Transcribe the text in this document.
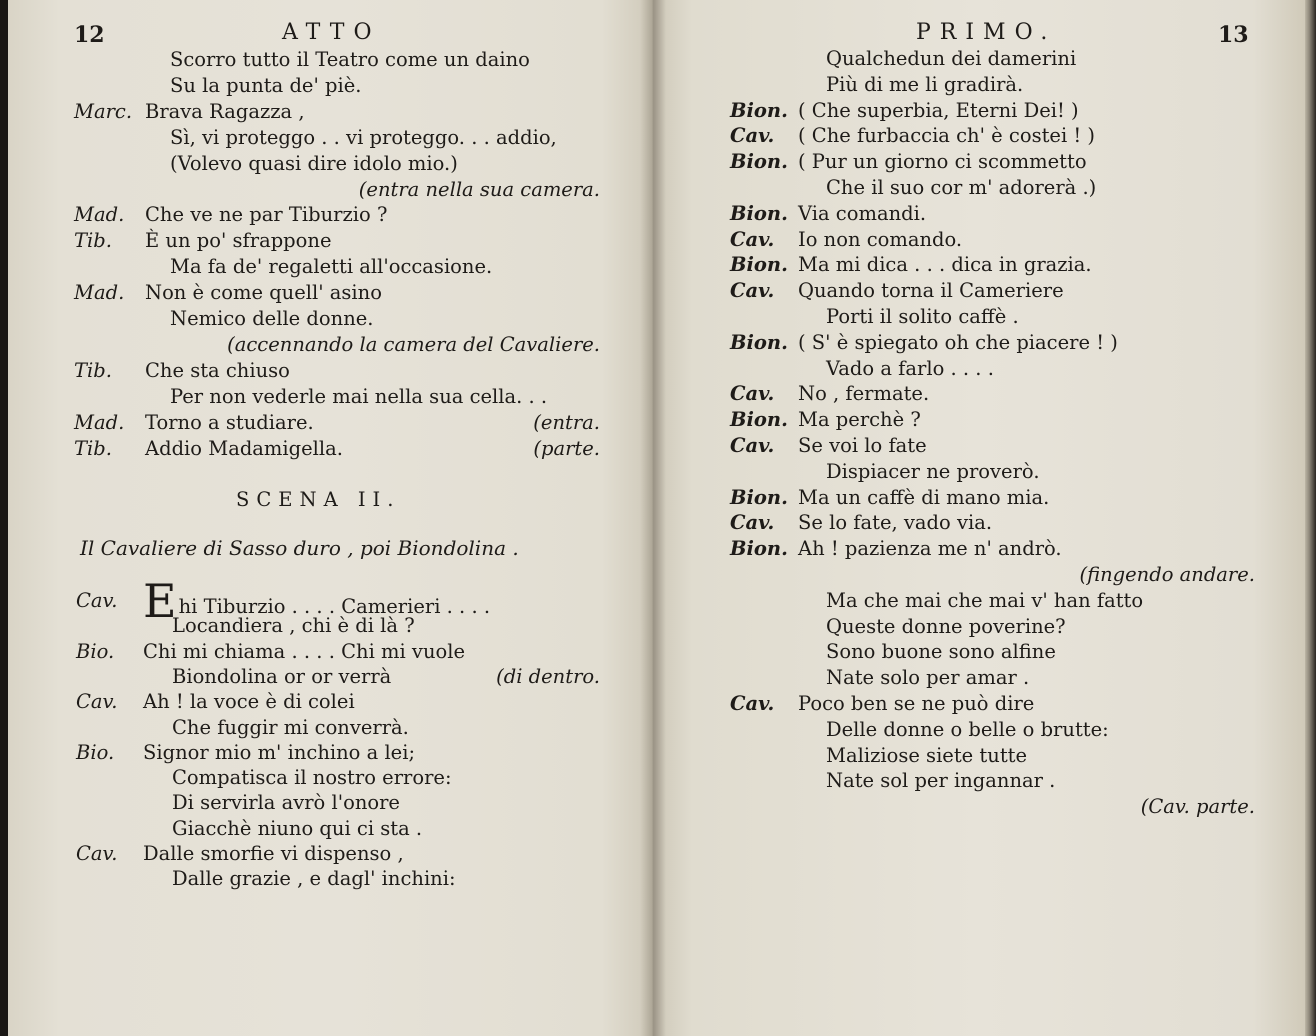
12	ATTO
Scorro tutto il Teatro come un daino
Su la punta de' piè.
Marc. Brava Ragazza ,
Sì, vi proteggo . . vi proteggo. . . addio,
(Volevo quasi dire idolo mio.)
(entra nella sua camera.
Mad. Che ve ne par Tiburzio ?
Tib. È un po' sfrappone
Ma fa de' regaletti all'occasione.
Mad. Non è come quell' asino
Nemico delle donne.
(accennando la camera del Cavaliere.
Tib. Che sta chiuso
Per non vederle mai nella sua cella. . .
Mad. Torno a studiare.	(entra.
Tib. Addio Madamigella.	(parte.
SCENA II.
Il Cavaliere di Sasso duro , poi Biondolina .
Cav. Ehi Tiburzio . . . . Camerieri . . . .
Locandiera , chi è di là ?
Bio. Chi mi chiama . . . . Chi mi vuole
Biondolina or or verrà	(di dentro.
Cav. Ah ! la voce è di colei
Che fuggir mi converrà.
Bio. Signor mio m' inchino a lei;
Compatisca il nostro errore:
Di servirla avrò l'onore
Giacchè niuno qui ci sta .
Cav. Dalle smorfie vi dispenso ,
Dalle grazie , e dagl' inchini:
PRIMO.	13
Qualchedun dei damerini
Più di me li gradirà.
Bion. ( Che superbia, Eterni Dei! )
Cav. ( Che furbaccia ch' è costei ! )
Bion. ( Pur un giorno ci scommetto
Che il suo cor m' adorerà .)
Bion. Via comandi.
Cav. Io non comando.
Bion. Ma mi dica . . . dica in grazia.
Cav. Quando torna il Cameriere
Porti il solito caffè .
Bion. ( S' è spiegato oh che piacere ! )
Vado a farlo . . . .
Cav. No , fermate.
Bion. Ma perchè ?
Cav. Se voi lo fate
Dispiacer ne proverò.
Bion. Ma un caffè di mano mia.
Cav. Se lo fate, vado via.
Bion. Ah ! pazienza me n' andrò.
(fingendo andare.
Ma che mai che mai v' han fatto
Queste donne poverine?
Sono buone sono alfine
Nate solo per amar .
Cav. Poco ben se ne può dire
Delle donne o belle o brutte:
Maliziose siete tutte
Nate sol per ingannar .
(Cav. parte.
